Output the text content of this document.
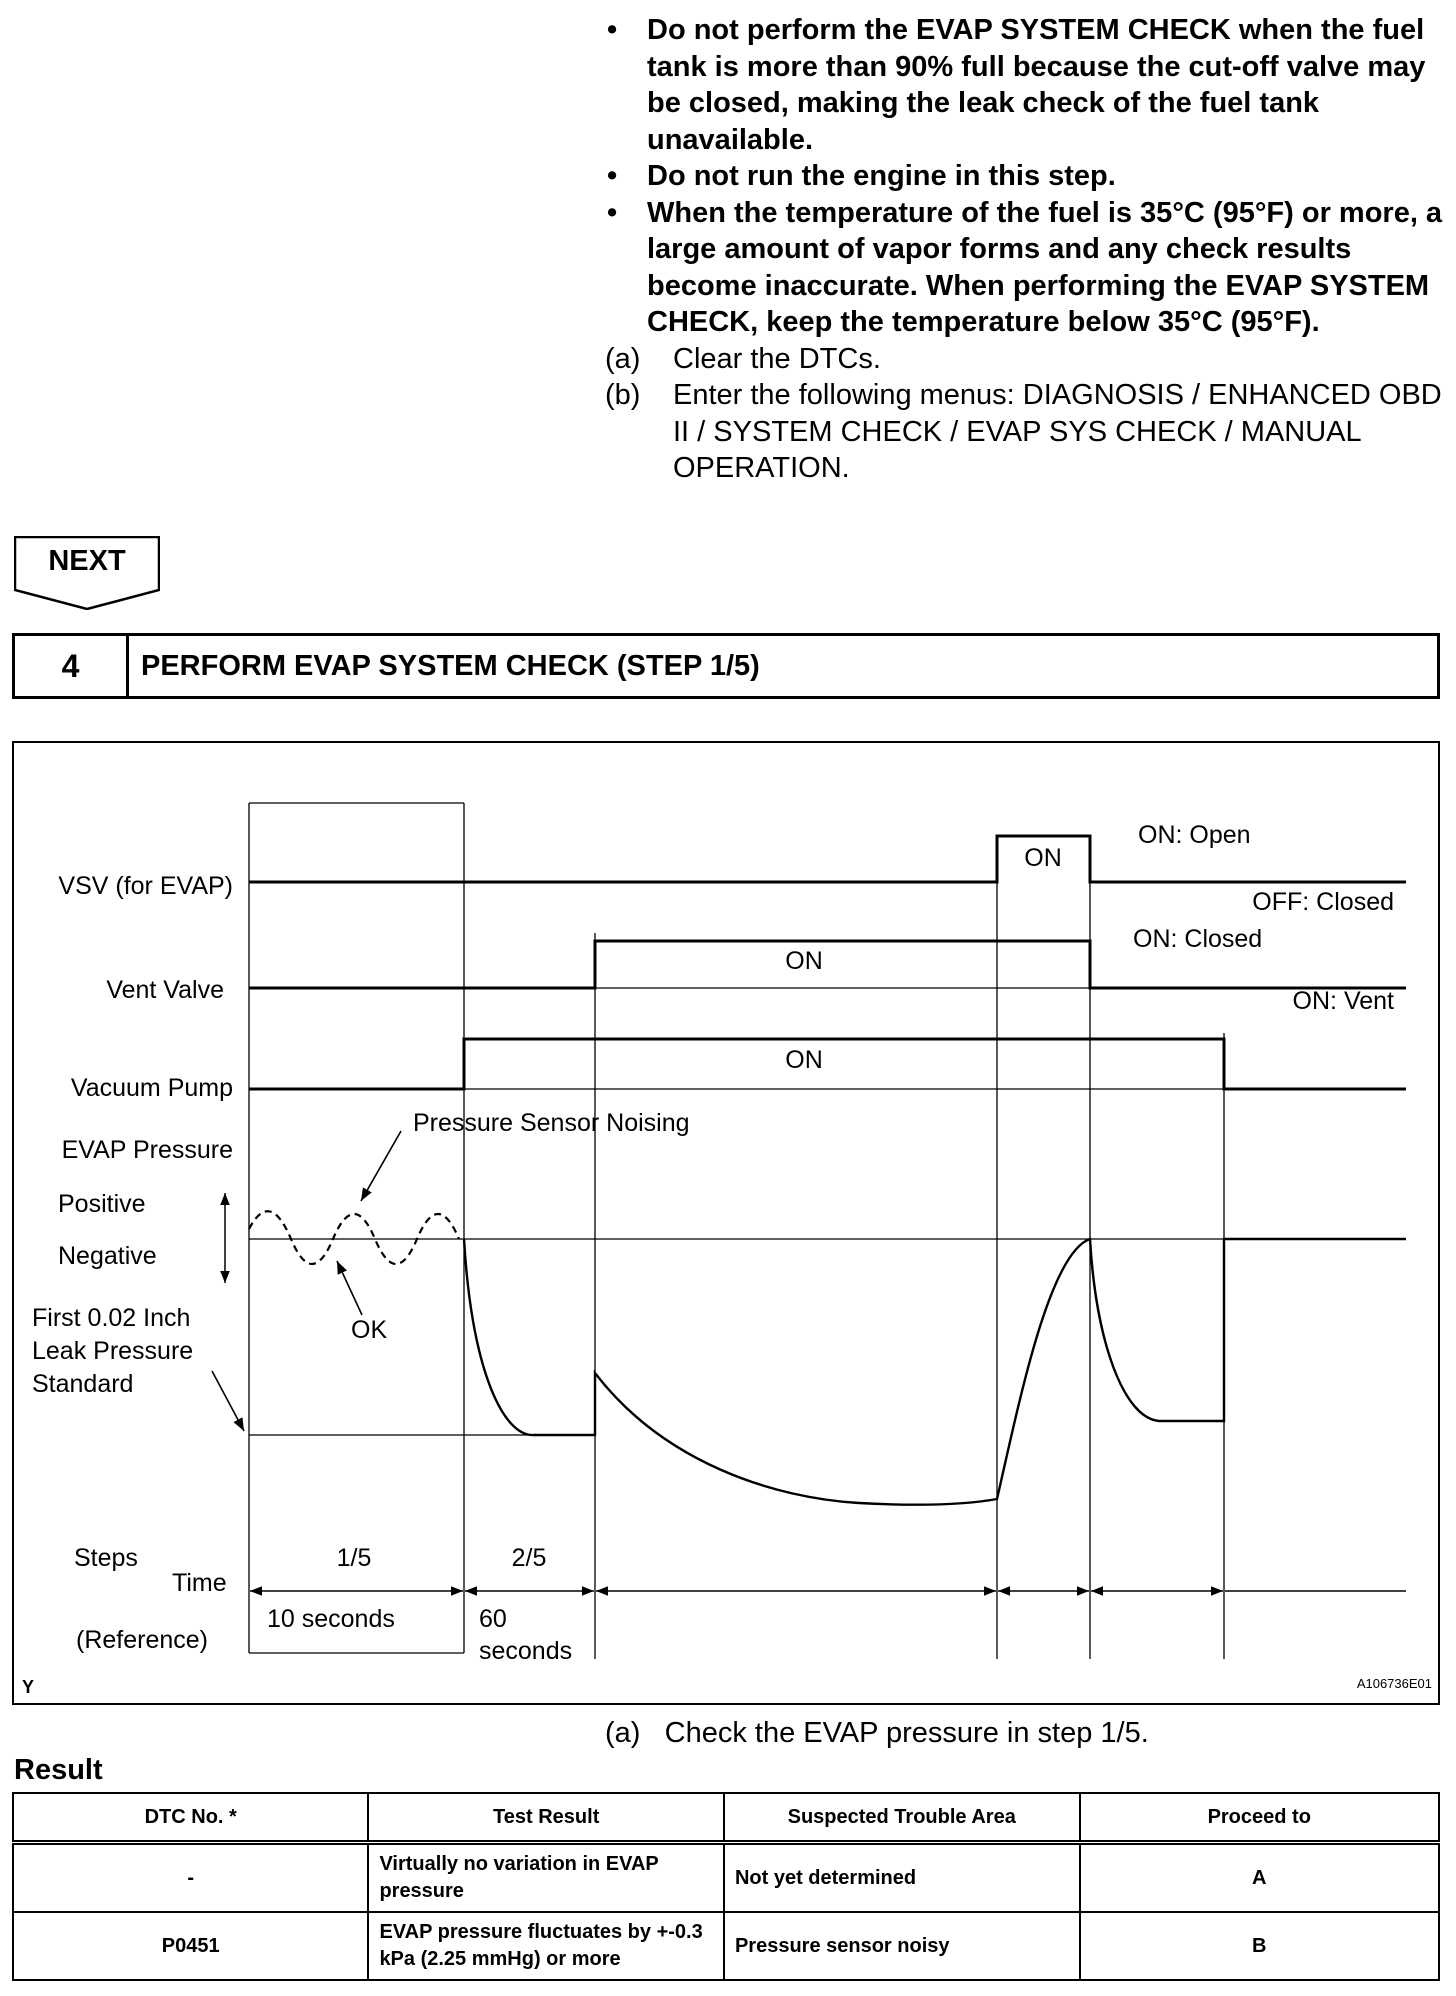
• Do not perform the EVAP SYSTEM CHECK when the fuel tank is more than 90% full because the cut-off valve may be closed, making the leak check of the fuel tank unavailable.
• Do not run the engine in this step.
• When the temperature of the fuel is 35°C (95°F) or more, a large amount of vapor forms and any check results become inaccurate. When performing the EVAP SYSTEM CHECK, keep the temperature below 35°C (95°F).
(a) Clear the DTCs.
(b) Enter the following menus: DIAGNOSIS / ENHANCED OBD II / SYSTEM CHECK / EVAP SYS CHECK / MANUAL OPERATION.
NEXT
4	PERFORM EVAP SYSTEM CHECK (STEP 1/5)
VSV (for EVAP)
Vent Valve
Vacuum Pump
EVAP Pressure
Positive
Negative
First 0.02 Inch
Leak Pressure
Standard
Steps
Time
(Reference)
ON: Open
OFF: Closed
ON: Closed
ON: Vent
ON
ON
ON
Pressure Sensor Noising
OK
1/5	2/5
10 seconds	60
seconds
Y	A106736E01
(a) Check the EVAP pressure in step 1/5.
Result
DTC No. *	Test Result	Suspected Trouble Area	Proceed to
-	Virtually no variation in EVAP pressure	Not yet determined	A
P0451	EVAP pressure fluctuates by +-0.3 kPa (2.25 mmHg) or more	Pressure sensor noisy	B
